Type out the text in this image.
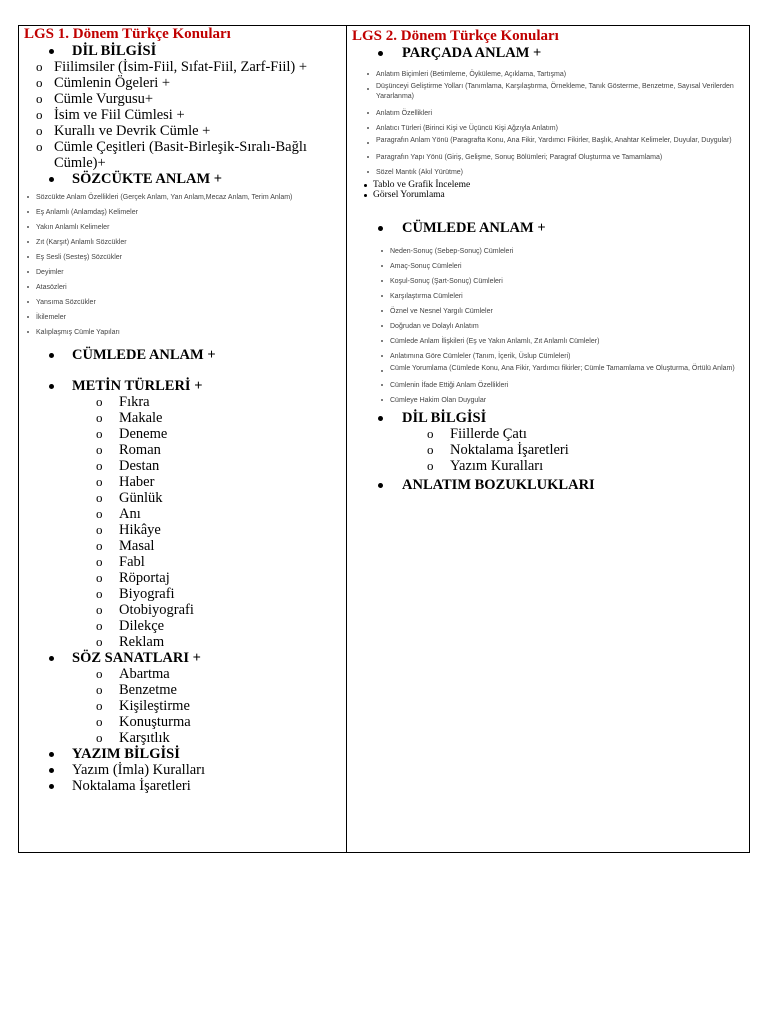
LGS 1. Dönem Türkçe Konuları
DİL BİLGİSİ
o Fiilimsiler (İsim-Fiil, Sıfat-Fiil, Zarf-Fiil) +
o Cümlenin Ögeleri +
o Cümle Vurgusu+
o İsim ve Fiil Cümlesi +
o Kurallı ve Devrik Cümle +
o Cümle Çeşitleri (Basit-Birleşik-Sıralı-Bağlı Cümle)+
SÖZCÜKTE ANLAM +
Sözcükte Anlam Özellikleri (Gerçek Anlam, Yan Anlam,Mecaz Anlam, Terim Anlam)
Eş Anlamlı (Anlamdaş) Kelimeler
Yakın Anlamlı Kelimeler
Zıt (Karşıt) Anlamlı Sözcükler
Eş Sesli (Sesteş) Sözcükler
Deyimler
Atasözleri
Yansıma Sözcükler
İkilemeler
Kalıplaşmış Cümle Yapıları
CÜMLEDE ANLAM +
METİN TÜRLERİ +
o Fıkra
o Makale
o Deneme
o Roman
o Destan
o Haber
o Günlük
o Anı
o Hikâye
o Masal
o Fabl
o Röportaj
o Biyografi
o Otobiyografi
o Dilekçe
o Reklam
SÖZ SANATLARI +
o Abartma
o Benzetme
o Kişileştirme
o Konuşturma
o Karşıtlık
YAZIM BİLGİSİ
Yazım (İmla) Kuralları
Noktalama İşaretleri
LGS 2. Dönem Türkçe Konuları
PARÇADA ANLAM +
Anlatım Biçimleri (Betimleme, Öyküleme, Açıklama, Tartışma)
Düşünceyi Geliştirme Yolları (Tanımlama, Karşılaştırma, Örnekleme, Tanık Gösterme, Benzetme, Sayısal Verilerden Yararlanma)
Anlatım Özellikleri
Anlatıcı Türleri (Birinci Kişi ve Üçüncü Kişi Ağzıyla Anlatım)
Paragrafın Anlam Yönü (Paragrafta Konu, Ana Fikir, Yardımcı Fikirler, Başlık, Anahtar Kelimeler, Duyular, Duygular)
Paragrafın Yapı Yönü (Giriş, Gelişme, Sonuç Bölümleri; Paragraf Oluşturma ve Tamamlama)
Sözel Mantık (Akıl Yürütme)
Tablo ve Grafik İnceleme
Görsel Yorumlama
CÜMLEDE ANLAM +
Neden-Sonuç (Sebep-Sonuç) Cümleleri
Amaç-Sonuç Cümleleri
Koşul-Sonuç (Şart-Sonuç) Cümleleri
Karşılaştırma Cümleleri
Öznel ve Nesnel Yargılı Cümleler
Doğrudan ve Dolaylı Anlatım
Cümlede Anlam İlişkileri (Eş ve Yakın Anlamlı, Zıt Anlamlı Cümleler)
Anlatımına Göre Cümleler (Tanım, İçerik, Üslup Cümleleri)
Cümle Yorumlama (Cümlede Konu, Ana Fikir, Yardımcı fikirler; Cümle Tamamlama ve Oluşturma, Örtülü Anlam)
Cümlenin İfade Ettiği Anlam Özellikleri
Cümleye Hakim Olan Duygular
DİL BİLGİSİ
o Fiillerde Çatı
o Noktalama İşaretleri
o Yazım Kuralları
ANLATIM BOZUKLUKLARI
